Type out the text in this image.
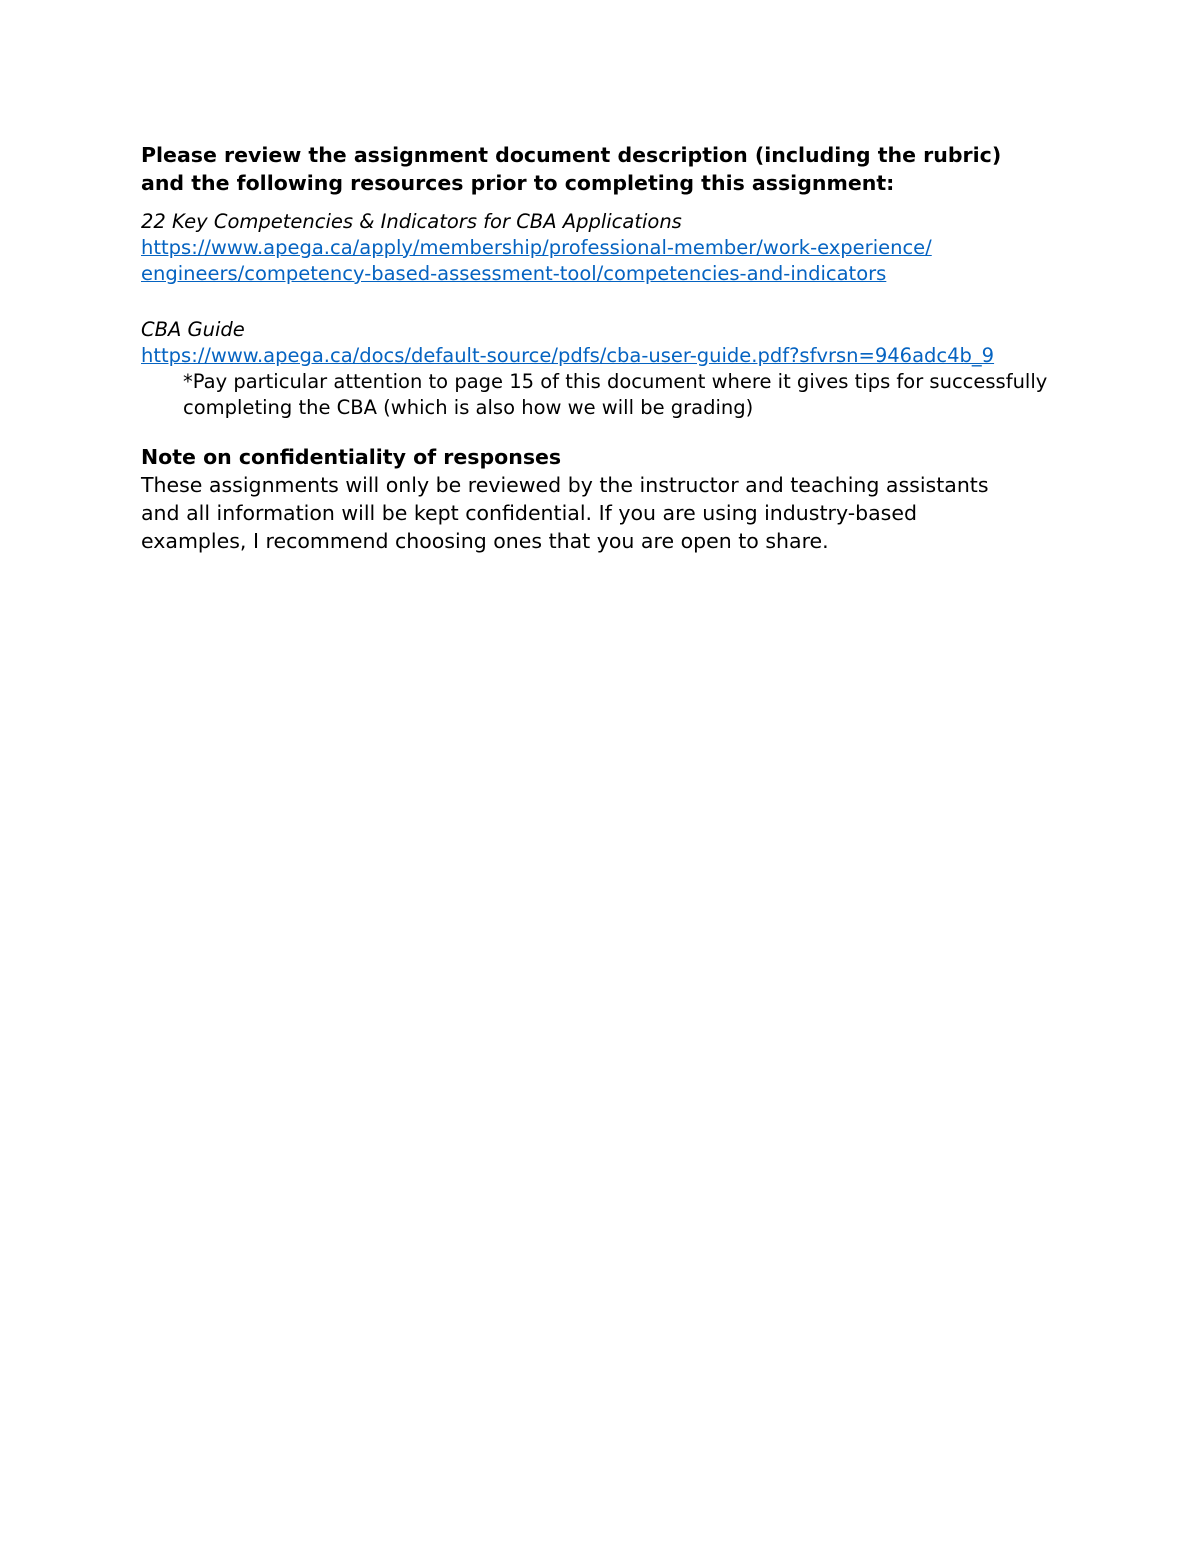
Please review the assignment document description (including the rubric)
and the following resources prior to completing this assignment:

22 Key Competencies & Indicators for CBA Applications
https://www.apega.ca/apply/membership/professional-member/work-experience/
engineers/competency-based-assessment-tool/competencies-and-indicators
CBA Guide
https://www.apega.ca/docs/default-source/pdfs/cba-user-guide.pdf?sfvrsn=946adc4b_9
*Pay particular attention to page 15 of this document where it gives tips for successfully
completing the CBA (which is also how we will be grading)
Note on confidentiality of responses
These assignments will only be reviewed by the instructor and teaching assistants
and all information will be kept confidential. If you are using industry-based
examples, I recommend choosing ones that you are open to share.
